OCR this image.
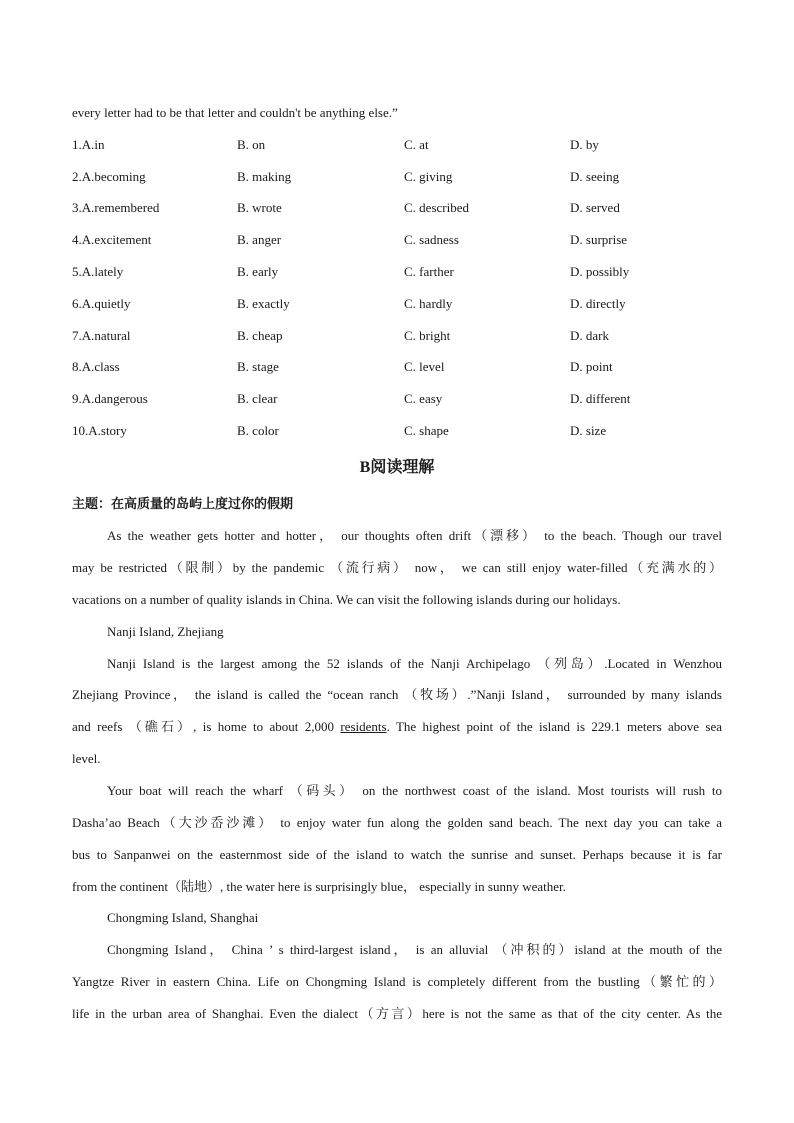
every letter had to be that letter and couldn't be anything else.”
1.A.in	B. on	C. at	D. by
2.A.becoming	B. making	C. giving	D. seeing
3.A.remembered	B. wrote	C. described	D. served
4.A.excitement	B. anger	C. sadness	D. surprise
5.A.lately	B. early	C. farther	D. possibly
6.A.quietly	B. exactly	C. hardly	D. directly
7.A.natural	B. cheap	C. bright	D. dark
8.A.class	B. stage	C. level	D. point
9.A.dangerous	B. clear	C. easy	D. different
10.A.story	B. color	C. shape	D. size
B阅读理解
主题：在高质量的岛屿上度过你的假期
As the weather gets hotter and hotter， our thoughts often drift（漂移） to the beach. Though our travel
may be restricted（限制）by the pandemic （流行病） now， we can still enjoy water-filled（充满水的）
vacations on a number of quality islands in China. We can visit the following islands during our holidays.
Nanji Island, Zhejiang
Nanji Island is the largest among the 52 islands of the Nanji Archipelago （列岛）.Located in Wenzhou
Zhejiang Province， the island is called the “ocean ranch （牧场）.”Nanji Island， surrounded by many islands
and reefs （礁石）, is home to about 2,000 residents. The highest point of the island is 229.1 meters above sea
level.
Your boat will reach the wharf （码头） on the northwest coast of the island. Most tourists will rush to
Dasha’ao Beach（大沙岙沙滩） to enjoy water fun along the golden sand beach. The next day you can take a
bus to Sanpanwei on the easternmost side of the island to watch the sunrise and sunset. Perhaps because it is far
from the continent（陆地）, the water here is surprisingly blue， especially in sunny weather.
Chongming Island, Shanghai
Chongming Island， China ’ s third-largest island， is an alluvial （冲积的）island at the mouth of the
Yangtze River in eastern China. Life on Chongming Island is completely different from the bustling（繁忙的）
life in the urban area of Shanghai. Even the dialect（方言）here is not the same as that of the city center. As the
